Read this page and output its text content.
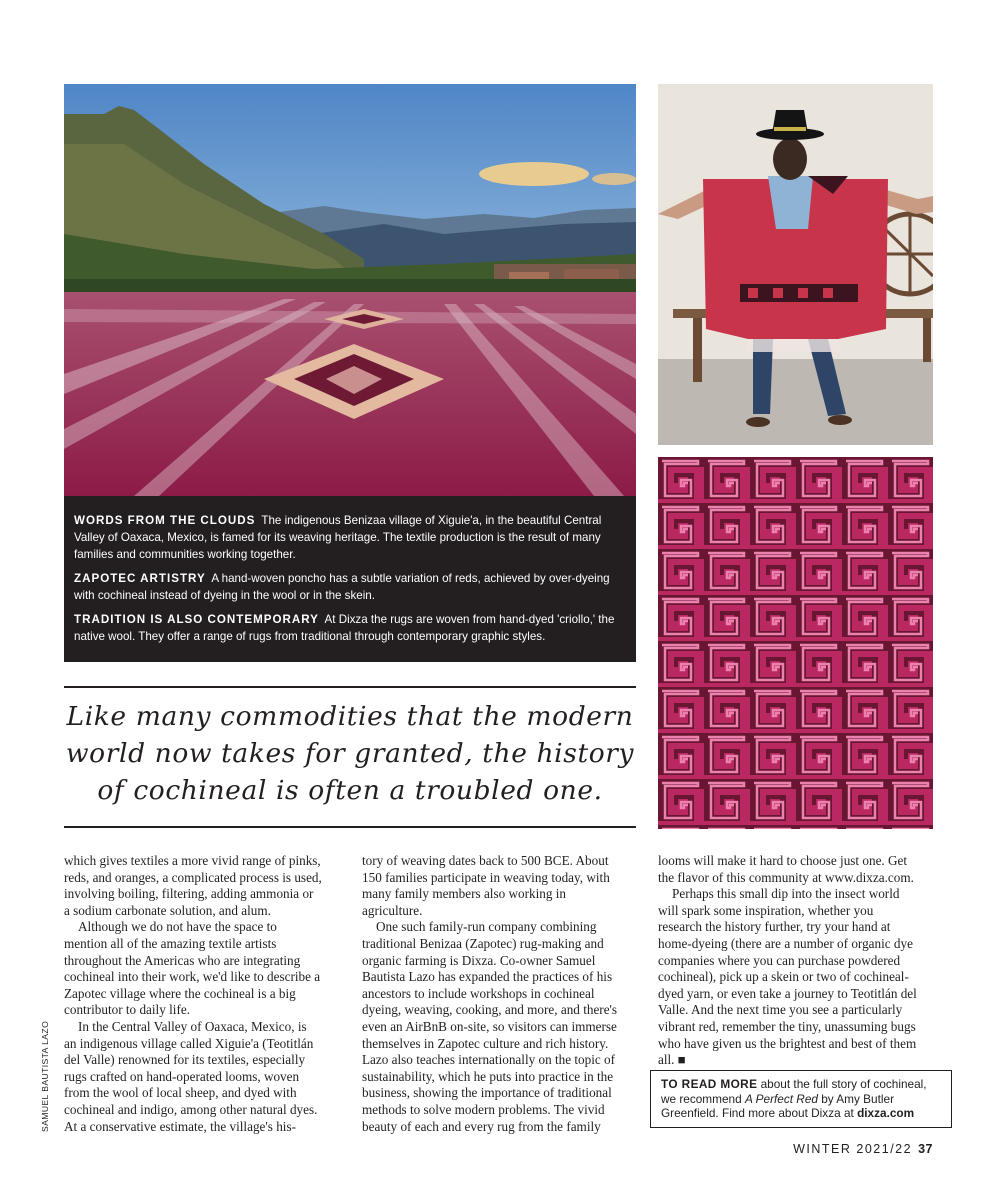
WORDS FROM THE CLOUDS The indigenous Benizaa village of Xiguie'a, in the beautiful Central Valley of Oaxaca, Mexico, is famed for its weaving heritage. The textile production is the result of many families and communities working together.

ZAPOTEC ARTISTRY A hand-woven poncho has a subtle variation of reds, achieved by over-dyeing with cochineal instead of dyeing in the wool or in the skein.

TRADITION IS ALSO CONTEMPORARY At Dixza the rugs are woven from hand-dyed 'criollo,' the native wool. They offer a range of rugs from traditional through contemporary graphic styles.

Like many commodities that the modern world now takes for granted, the history of cochineal is often a troubled one.

which gives textiles a more vivid range of pinks, reds, and oranges, a complicated process is used, involving boiling, filtering, adding ammonia or a sodium carbonate solution, and alum.

Although we do not have the space to mention all of the amazing textile artists throughout the Americas who are integrating cochineal into their work, we'd like to describe a Zapotec village where the cochineal is a big contributor to daily life.

In the Central Valley of Oaxaca, Mexico, is an indigenous village called Xiguie'a (Teotitlán del Valle) renowned for its textiles, especially rugs crafted on hand-operated looms, woven from the wool of local sheep, and dyed with cochineal and indigo, among other natural dyes. At a conservative estimate, the village's his-

tory of weaving dates back to 500 BCE. About 150 families participate in weaving today, with many family members also working in agriculture.

One such family-run company combining traditional Benizaa (Zapotec) rug-making and organic farming is Dixza. Co-owner Samuel Bautista Lazo has expanded the practices of his ancestors to include workshops in cochineal dyeing, weaving, cooking, and more, and there's even an AirBnB on-site, so visitors can immerse themselves in Zapotec culture and rich history. Lazo also teaches internationally on the topic of sustainability, which he puts into practice in the business, showing the importance of traditional methods to solve modern problems. The vivid beauty of each and every rug from the family

looms will make it hard to choose just one. Get the flavor of this community at www.dixza.com.

Perhaps this small dip into the insect world will spark some inspiration, whether you research the history further, try your hand at home-dyeing (there are a number of organic dye companies where you can purchase powdered cochineal), pick up a skein or two of cochineal-dyed yarn, or even take a journey to Teotitlán del Valle. And the next time you see a particularly vibrant red, remember the tiny, unassuming bugs who have given us the brightest and best of them all. ■

TO READ MORE about the full story of cochineal, we recommend A Perfect Red by Amy Butler Greenfield. Find more about Dixza at dixza.com
WINTER 2021/22 37
SAMUEL BAUTISTA LAZO
